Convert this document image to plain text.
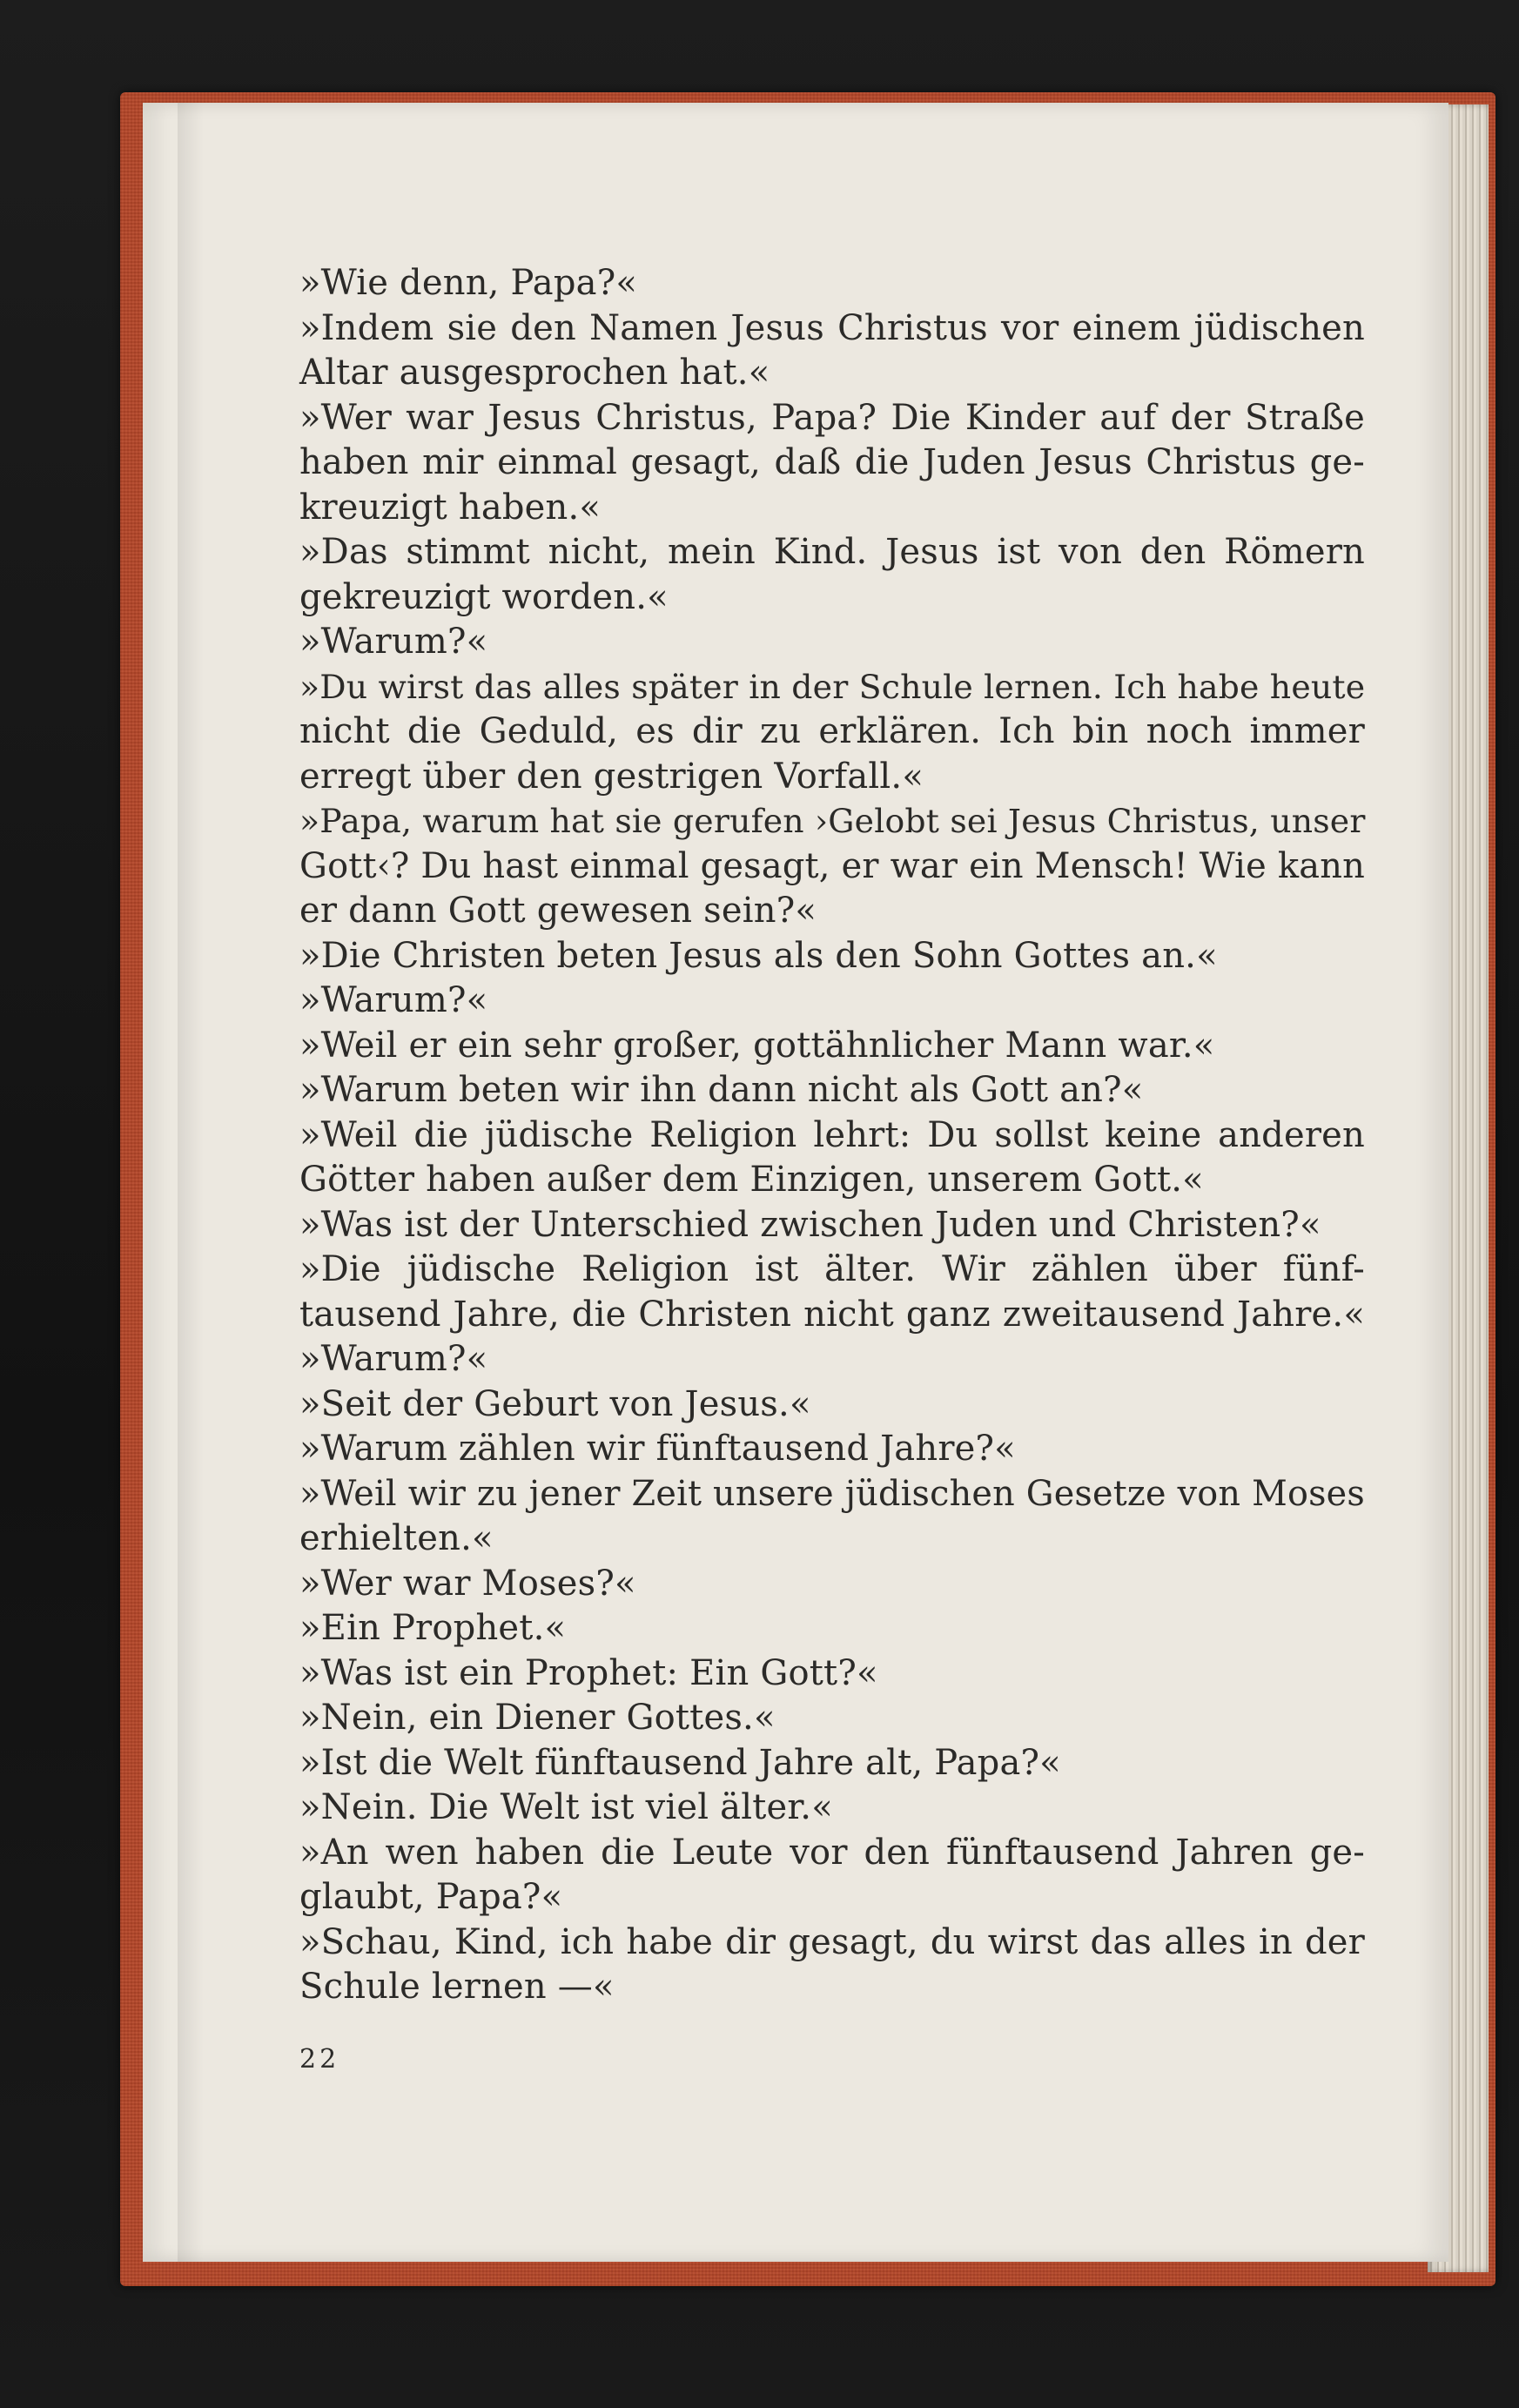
»Wie denn, Papa?«
»Indem sie den Namen Jesus Christus vor einem jüdischen
Altar ausgesprochen hat.«
»Wer war Jesus Christus, Papa? Die Kinder auf der Straße
haben mir einmal gesagt, daß die Juden Jesus Christus ge-
kreuzigt haben.«
»Das stimmt nicht, mein Kind. Jesus ist von den Römern
gekreuzigt worden.«
»Warum?«
»Du wirst das alles später in der Schule lernen. Ich habe heute
nicht die Geduld, es dir zu erklären. Ich bin noch immer
erregt über den gestrigen Vorfall.«
»Papa, warum hat sie gerufen ›Gelobt sei Jesus Christus, unser
Gott‹? Du hast einmal gesagt, er war ein Mensch! Wie kann
er dann Gott gewesen sein?«
»Die Christen beten Jesus als den Sohn Gottes an.«
»Warum?«
»Weil er ein sehr großer, gottähnlicher Mann war.«
»Warum beten wir ihn dann nicht als Gott an?«
»Weil die jüdische Religion lehrt: Du sollst keine anderen
Götter haben außer dem Einzigen, unserem Gott.«
»Was ist der Unterschied zwischen Juden und Christen?«
»Die jüdische Religion ist älter. Wir zählen über fünf-
tausend Jahre, die Christen nicht ganz zweitausend Jahre.«
»Warum?«
»Seit der Geburt von Jesus.«
»Warum zählen wir fünftausend Jahre?«
»Weil wir zu jener Zeit unsere jüdischen Gesetze von Moses
erhielten.«
»Wer war Moses?«
»Ein Prophet.«
»Was ist ein Prophet: Ein Gott?«
»Nein, ein Diener Gottes.«
»Ist die Welt fünftausend Jahre alt, Papa?«
»Nein. Die Welt ist viel älter.«
»An wen haben die Leute vor den fünftausend Jahren ge-
glaubt, Papa?«
»Schau, Kind, ich habe dir gesagt, du wirst das alles in der
Schule lernen —«
22
